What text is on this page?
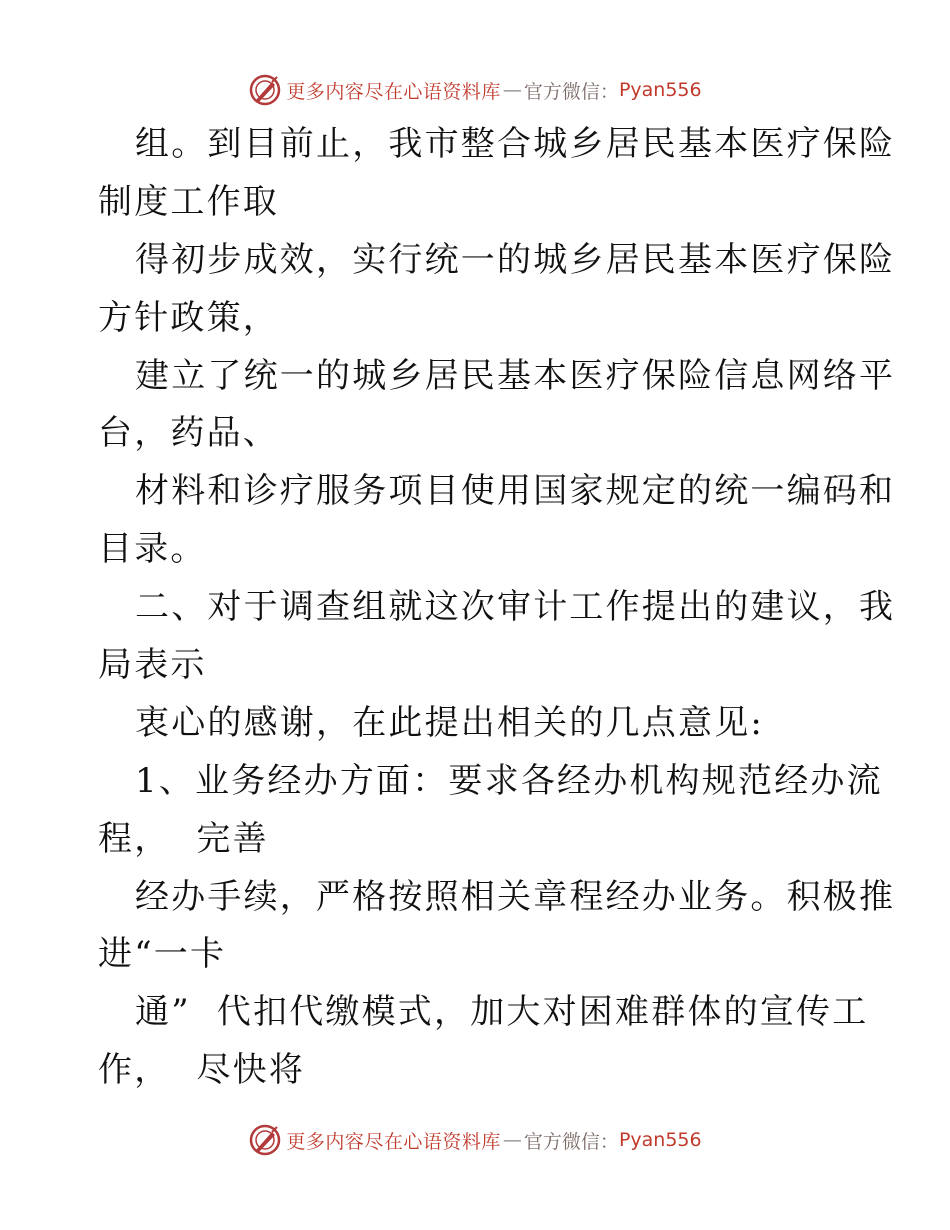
更多内容尽在心语资料库 — 官方微信： Pyan556
组。到目前止，我市整合城乡居民基本医疗保险
制度工作取
得初步成效，实行统一的城乡居民基本医疗保险
方针政策，
建立了统一的城乡居民基本医疗保险信息网络平
台，药品、
材料和诊疗服务项目使用国家规定的统一编码和
目录。
二、对于调查组就这次审计工作提出的建议，我
局表示
衷心的感谢，在此提出相关的几点意见:
1、业务经办方面：要求各经办机构规范经办流
程，  完善
经办手续，严格按照相关章程经办业务。积极推
进“一卡
通”  代扣代缴模式，加大对困难群体的宣传工
作，  尽快将
更多内容尽在心语资料库 — 官方微信： Pyan556
